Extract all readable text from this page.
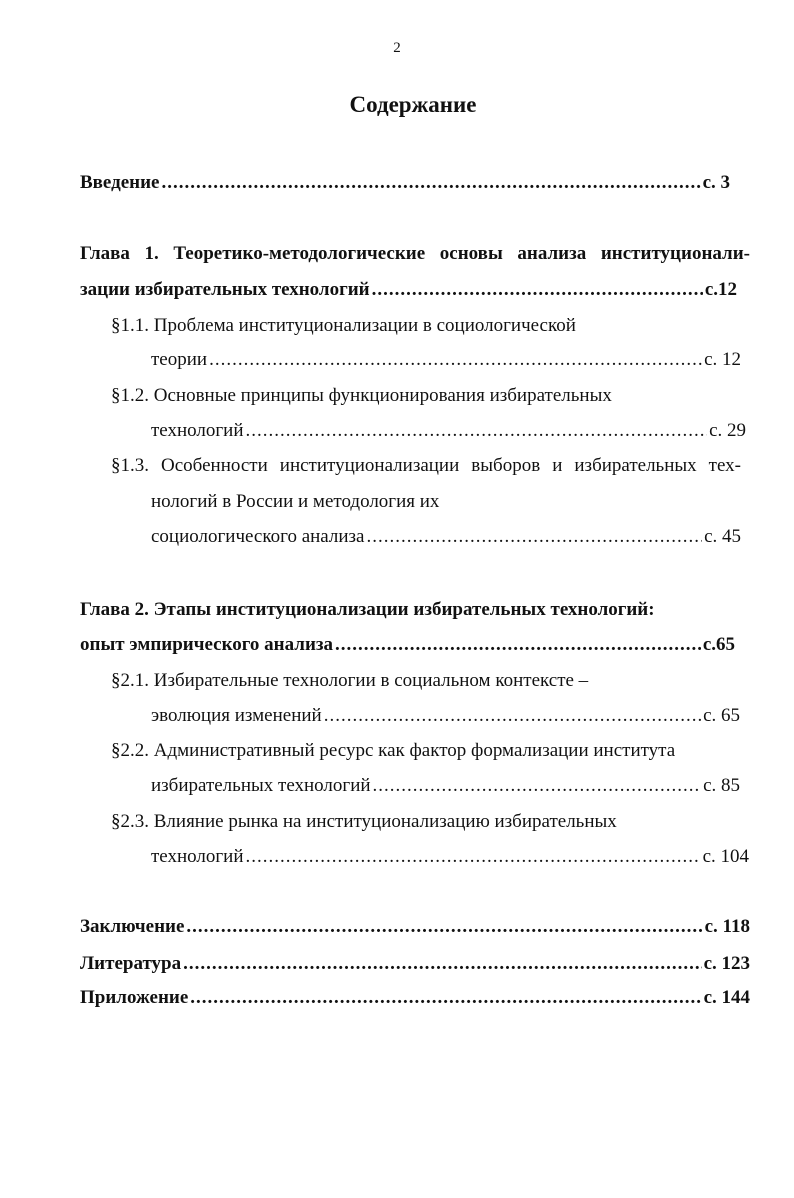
2
Содержание
Введение .....	с. 3
Глава 1. Теоретико-методологические основы анализа институционали-
зации избирательных технологий .....	с.12
§1.1. Проблема институционализации в социологической
теории .....	с. 12
§1.2. Основные принципы функционирования избирательных
технологий .....	с. 29
§1.3. Особенности институционализации выборов и избирательных тех-
нологий в России и методология их
социологического анализа .....	с. 45
Глава 2. Этапы институционализации избирательных технологий:
опыт эмпирического анализа .....	с.65
§2.1. Избирательные технологии в социальном контексте –
эволюция изменений .....	с. 65
§2.2. Административный ресурс как фактор формализации института
избирательных технологий .....	с. 85
§2.3. Влияние рынка на институционализацию избирательных
технологий .....	с. 104
Заключение .....	с. 118
Литература .....	с. 123
Приложение .....	с. 144
